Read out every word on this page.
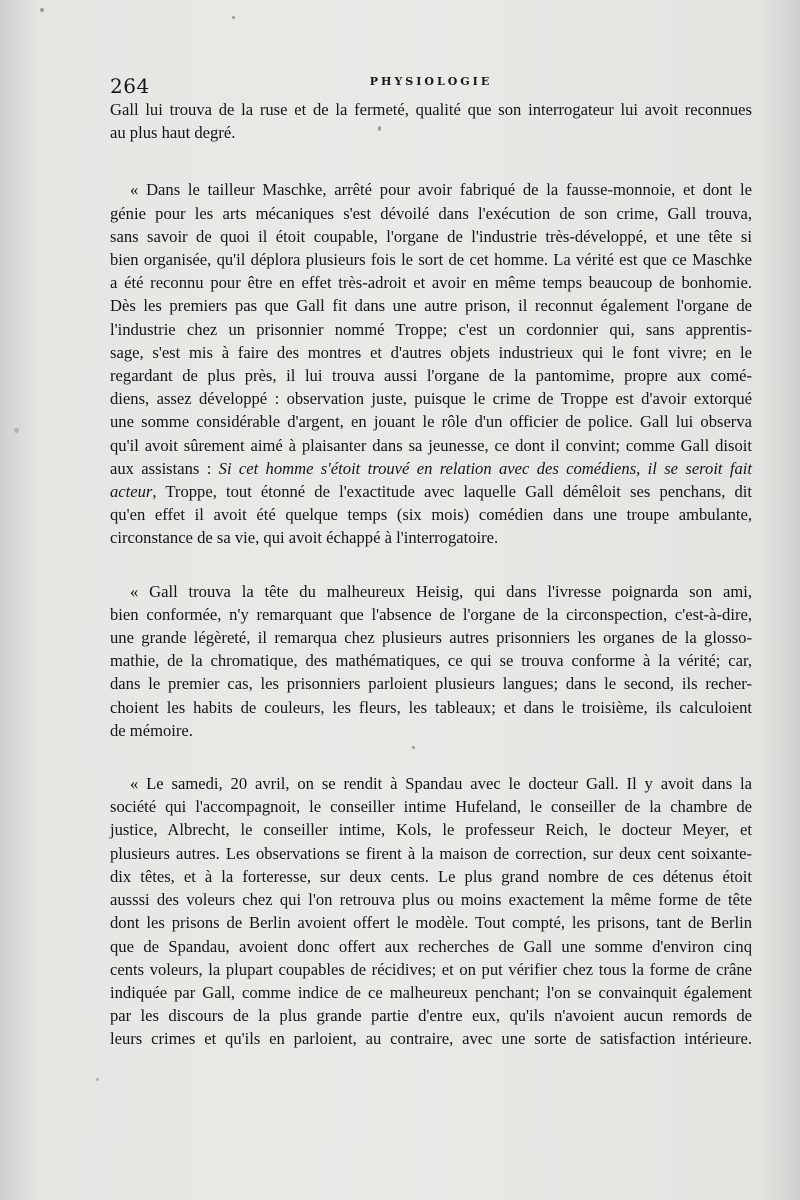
264	PHYSIOLOGIE

Gall lui trouva de la ruse et de la fermeté, qualité que son interrogateur lui avoit reconnues
au plus haut degré.

« Dans le tailleur Maschke, arrêté pour avoir fabriqué de la fausse-monnoie, et dont le
génie pour les arts mécaniques s'est dévoilé dans l'exécution de son crime, Gall trouva,
sans savoir de quoi il étoit coupable, l'organe de l'industrie très-développé, et une tête si
bien organisée, qu'il déplora plusieurs fois le sort de cet homme. La vérité est que ce Maschke
a été reconnu pour être en effet très-adroit et avoir en même temps beaucoup de bonhomie.
Dès les premiers pas que Gall fit dans une autre prison, il reconnut également l'organe de
l'industrie chez un prisonnier nommé Troppe; c'est un cordonnier qui, sans apprentis-
sage, s'est mis à faire des montres et d'autres objets industrieux qui le font vivre; en le
regardant de plus près, il lui trouva aussi l'organe de la pantomime, propre aux comé-
diens, assez développé : observation juste, puisque le crime de Troppe est d'avoir extorqué
une somme considérable d'argent, en jouant le rôle d'un officier de police. Gall lui observa
qu'il avoit sûrement aimé à plaisanter dans sa jeunesse, ce dont il convint; comme Gall disoit
aux assistans : Si cet homme s'étoit trouvé en relation avec des comédiens, il se seroit fait
acteur, Troppe, tout étonné de l'exactitude avec laquelle Gall démêloit ses penchans, dit
qu'en effet il avoit été quelque temps (six mois) comédien dans une troupe ambulante,
circonstance de sa vie, qui avoit échappé à l'interrogatoire.

« Gall trouva la tête du malheureux Heisig, qui dans l'ivresse poignarda son ami,
bien conformée, n'y remarquant que l'absence de l'organe de la circonspection, c'est-à-dire,
une grande légèreté, il remarqua chez plusieurs autres prisonniers les organes de la glosso-
mathie, de la chromatique, des mathématiques, ce qui se trouva conforme à la vérité; car,
dans le premier cas, les prisonniers parloient plusieurs langues; dans le second, ils recher-
choient les habits de couleurs, les fleurs, les tableaux; et dans le troisième, ils calculoient
de mémoire.

« Le samedi, 20 avril, on se rendit à Spandau avec le docteur Gall. Il y avoit dans la
société qui l'accompagnoit, le conseiller intime Hufeland, le conseiller de la chambre de
justice, Albrecht, le conseiller intime, Kols, le professeur Reich, le docteur Meyer, et
plusieurs autres. Les observations se firent à la maison de correction, sur deux cent soixante-
dix têtes, et à la forteresse, sur deux cents. Le plus grand nombre de ces détenus étoit
ausssi des voleurs chez qui l'on retrouva plus ou moins exactement la même forme de tête
dont les prisons de Berlin avoient offert le modèle. Tout compté, les prisons, tant de Berlin
que de Spandau, avoient donc offert aux recherches de Gall une somme d'environ cinq
cents voleurs, la plupart coupables de récidives; et on put vérifier chez tous la forme de crâne
indiquée par Gall, comme indice de ce malheureux penchant; l'on se convainquit également
par les discours de la plus grande partie d'entre eux, qu'ils n'avoient aucun remords de
leurs crimes et qu'ils en parloient, au contraire, avec une sorte de satisfaction intérieure.
